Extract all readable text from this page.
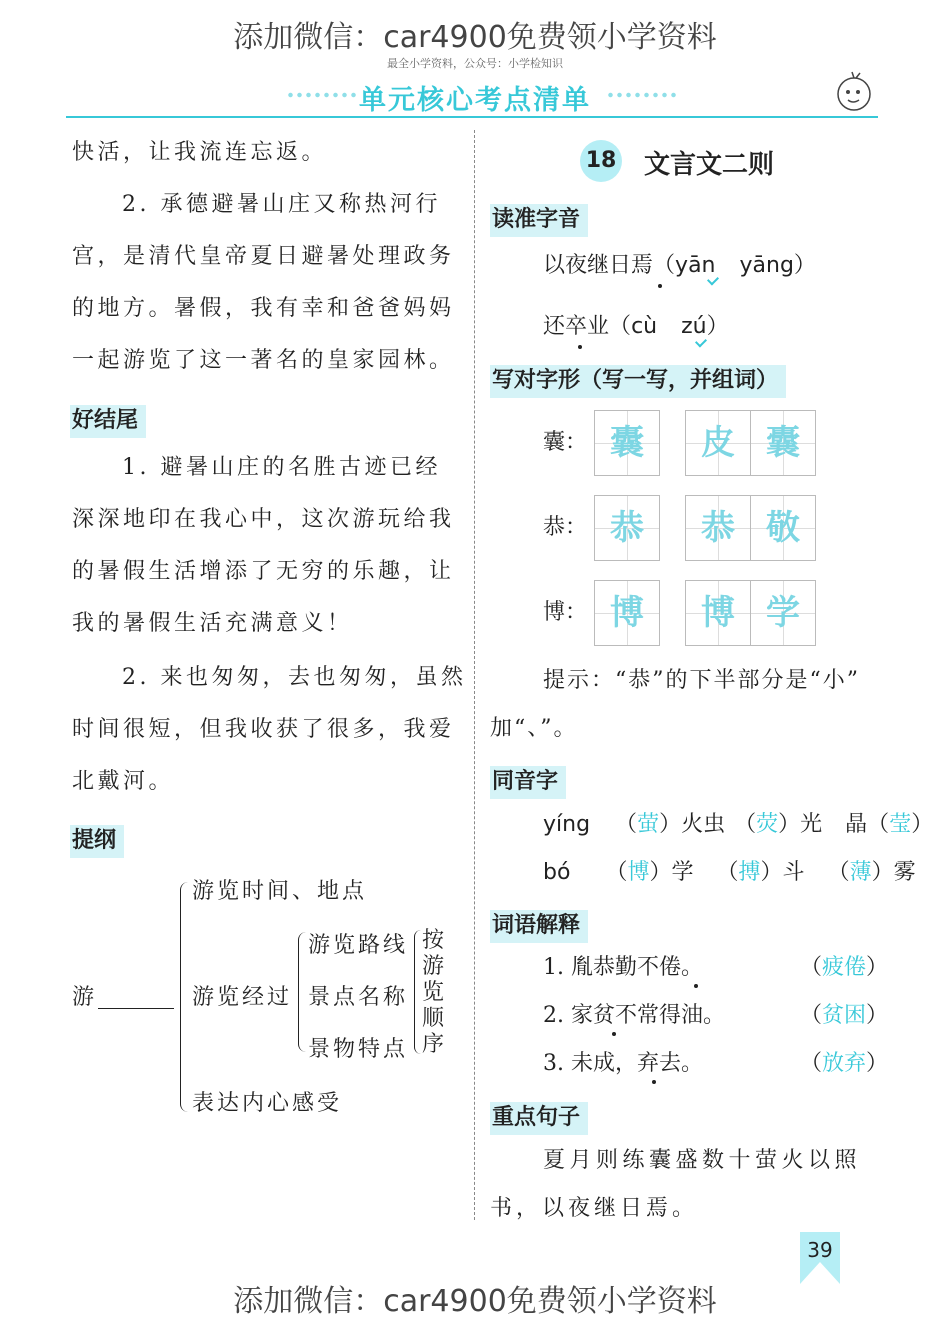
添加微信：car4900免费领小学资料
添加微信：car4900免费领小学资料
最全小学资料，公众号：小学检知识
单元核心考点清单
快活，让我流连忘返。
2. 承德避暑山庄又称热河行
宫，是清代皇帝夏日避暑处理政务
的地方。暑假，我有幸和爸爸妈妈
一起游览了这一著名的皇家园林。
好结尾
1. 避暑山庄的名胜古迹已经
深深地印在我心中，这次游玩给我
的暑假生活增添了无穷的乐趣，让
我的暑假生活充满意义！
2. 来也匆匆，去也匆匆，虽然
时间很短，但我收获了很多，我爱
北戴河。
提纲
游
游览时间、地点
游览经过
游览路线
景点名称
景物特点
按
游
览
顺
序
表达内心感受
18 文言文二则
读准字音
以夜继日焉（yān yāng）
还卒业（cù zú）
写对字形（写一写，并组词）
囊： 囊	皮 囊
恭： 恭	恭 敬
博： 博	博 学
提示：“恭”的下半部分是“小”
加“、”。
同音字
yíng （萤）火虫 （荧）光 晶（莹）
bó （博）学 （搏）斗 （薄）雾
词语解释
1. 胤恭勤不倦。	（疲倦）
2. 家贫不常得油。	（贫困）
3. 未成，弃去。	（放弃）
重点句子
夏月则练囊盛数十萤火以照
书，以夜继日焉。
39
